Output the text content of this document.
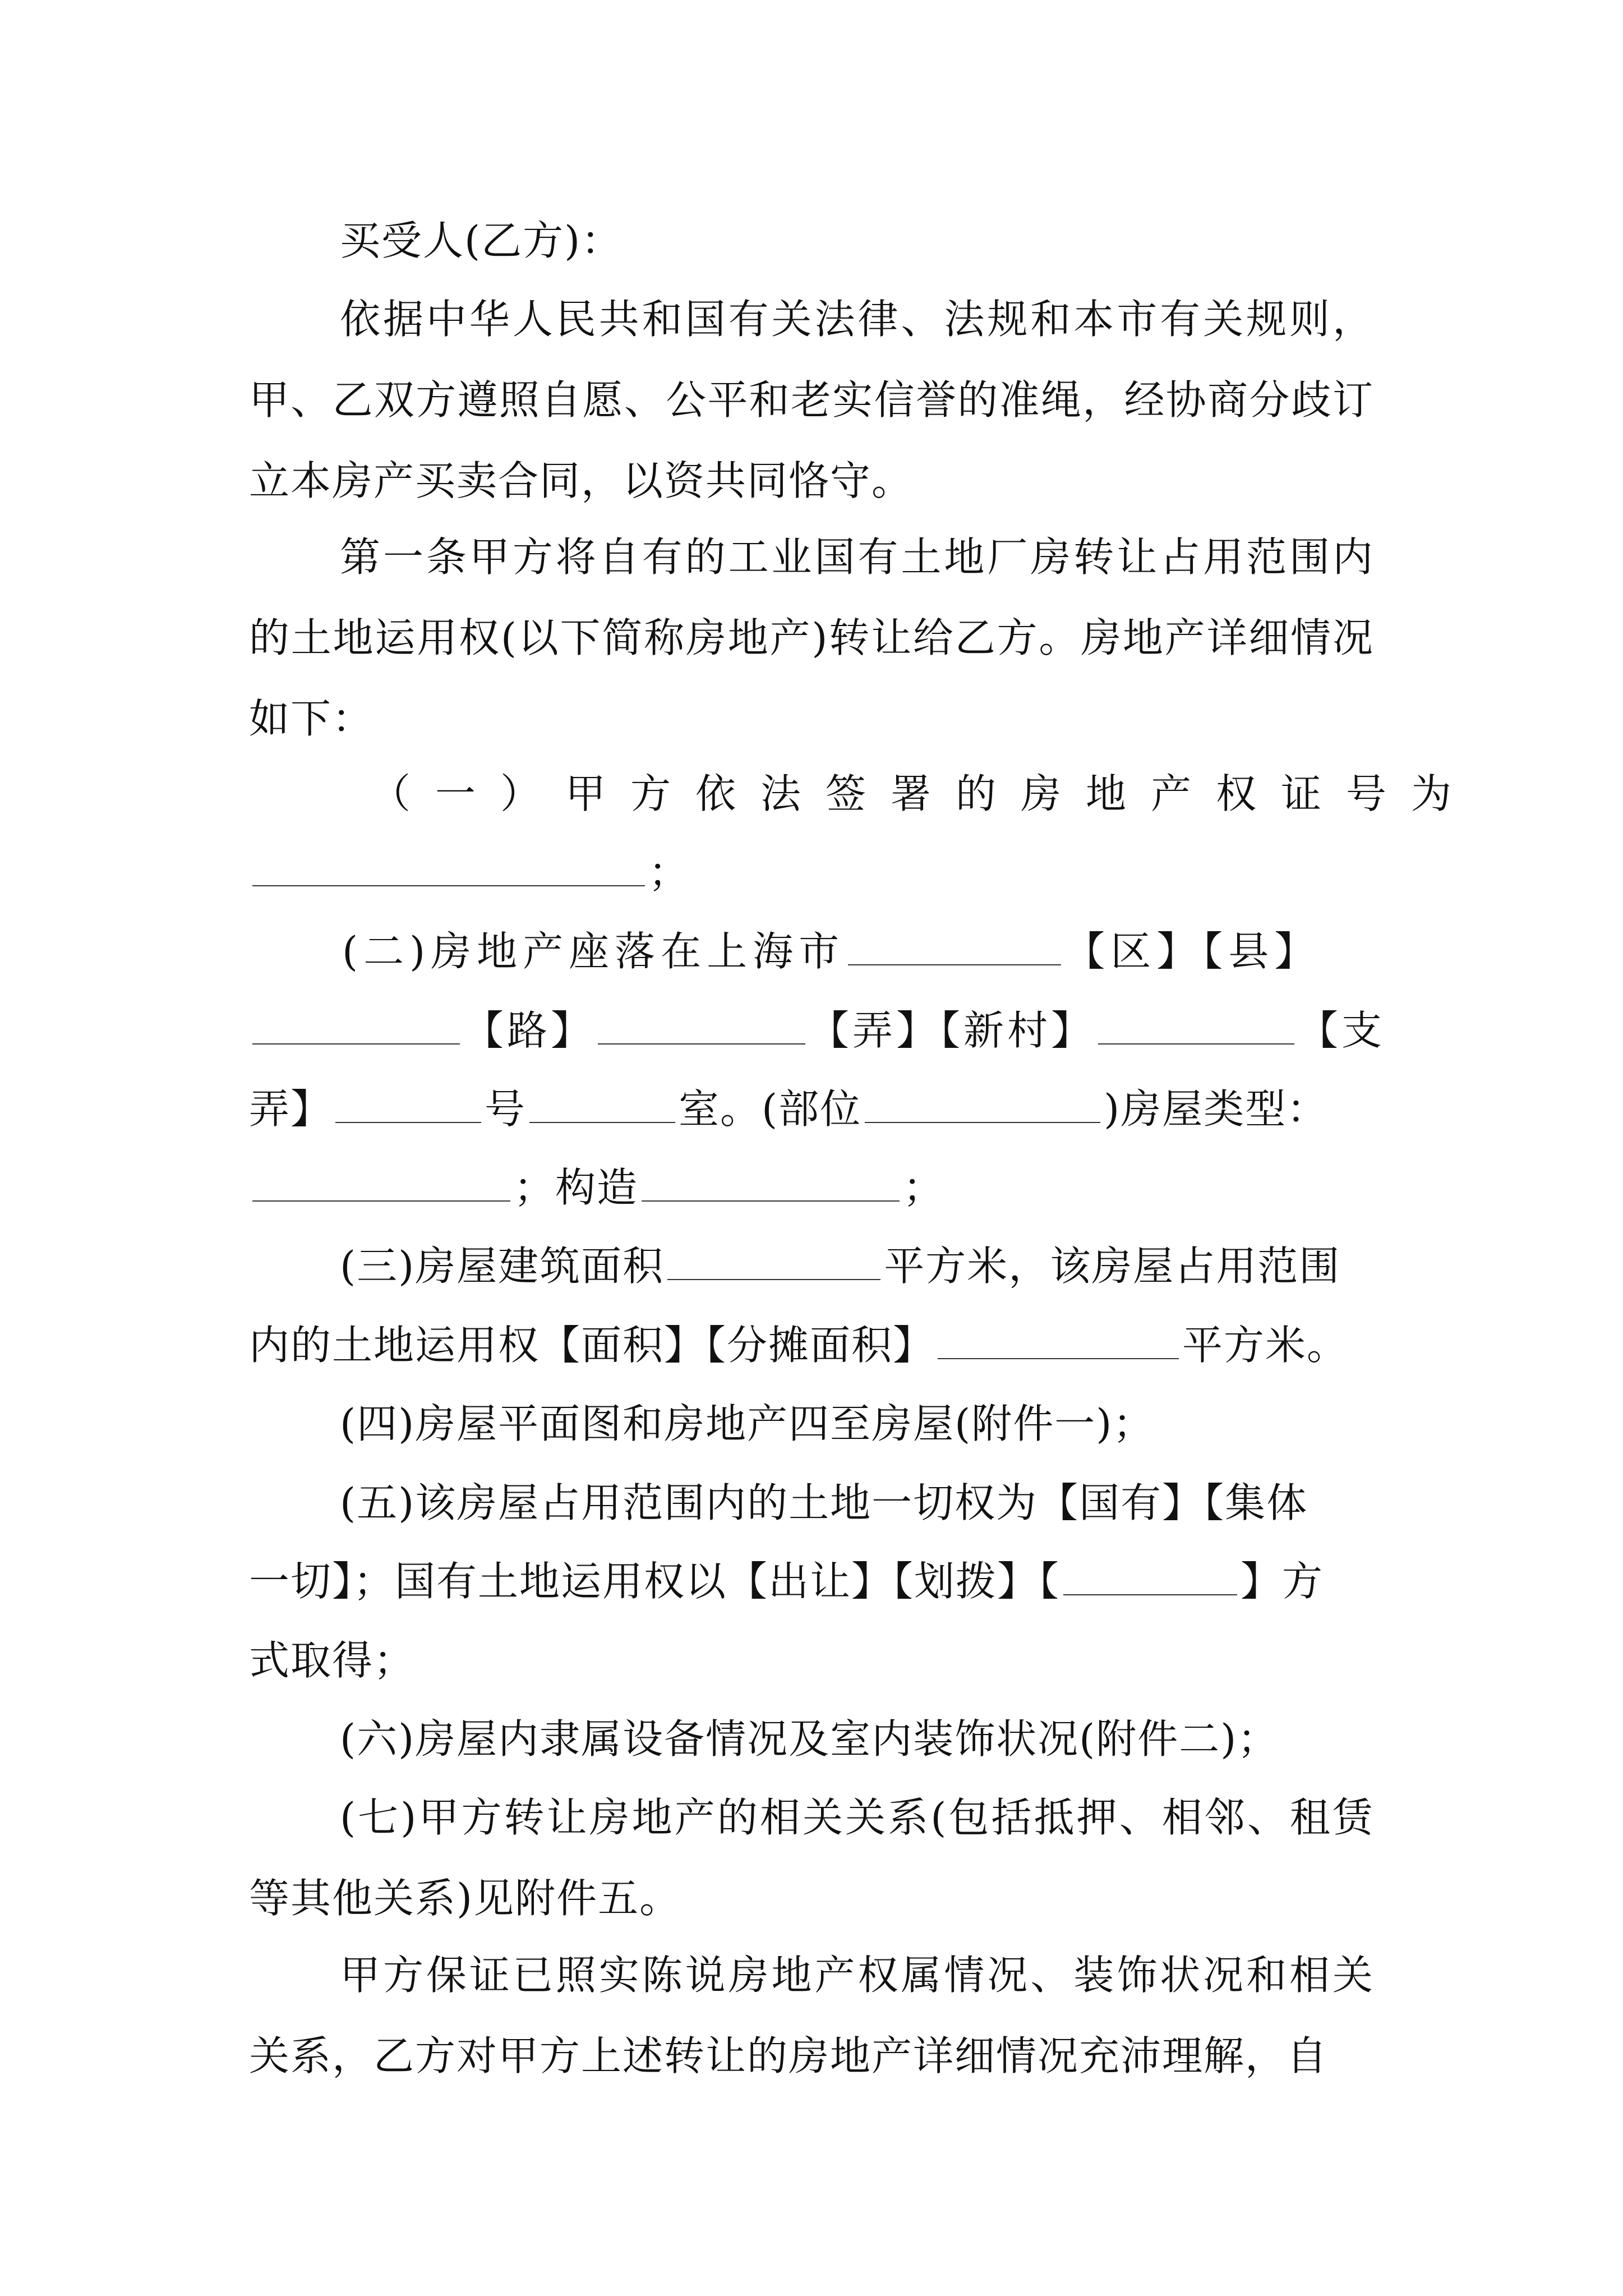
买受人(乙方)：

依据中华人民共和国有关法律、法规和本市有关规则，甲、乙双方遵照自愿、公平和老实信誉的准绳，经协商分歧订立本房产买卖合同，以资共同恪守。

第一条甲方将自有的工业国有土地厂房转让占用范围内的土地运用权(以下简称房地产)转让给乙方。房地产详细情况如下：

（一）甲方依法签署的房地产权证号为

；

(二)房地产座落在上海市	【区】【县】

【路】	【弄】【新村】	【支

弄】	号	室。(部位	)房屋类型：

；构造	；

(三)房屋建筑面积	平方米，该房屋占用范围

内的土地运用权【面积】【分摊面积】	平方米。

(四)房屋平面图和房地产四至房屋(附件一)；

(五)该房屋占用范围内的土地一切权为【国有】【集体

一切】；国有土地运用权以【出让】【划拨】【	】方

式取得；

(六)房屋内隶属设备情况及室内装饰状况(附件二)；

(七)甲方转让房地产的相关关系(包括抵押、相邻、租赁等其他关系)见附件五。

甲方保证已照实陈说房地产权属情况、装饰状况和相关关系，乙方对甲方上述转让的房地产详细情况充沛理解，自
